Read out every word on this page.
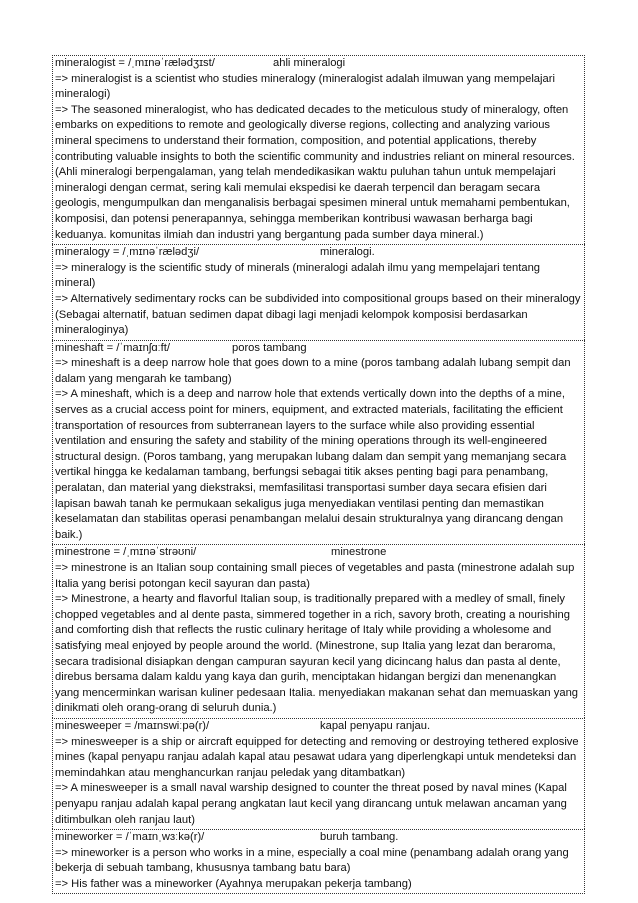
mineralogist = /ˌmɪnəˈrælədʒɪst/	ahli mineralogi

=> mineralogist is a scientist who studies mineralogy (mineralogist adalah ilmuwan yang mempelajari mineralogi)

=> The seasoned mineralogist, who has dedicated decades to the meticulous study of mineralogy, often embarks on expeditions to remote and geologically diverse regions, collecting and analyzing various mineral specimens to understand their formation, composition, and potential applications, thereby contributing valuable insights to both the scientific community and industries reliant on mineral resources. (Ahli mineralogi berpengalaman, yang telah mendedikasikan waktu puluhan tahun untuk mempelajari mineralogi dengan cermat, sering kali memulai ekspedisi ke daerah terpencil dan beragam secara geologis, mengumpulkan dan menganalisis berbagai spesimen mineral untuk memahami pembentukan, komposisi, dan potensi penerapannya, sehingga memberikan kontribusi wawasan berharga bagi keduanya. komunitas ilmiah dan industri yang bergantung pada sumber daya mineral.)

mineralogy = /ˌmɪnəˈrælədʒi/	mineralogi.

=> mineralogy is the scientific study of minerals (mineralogi adalah ilmu yang mempelajari tentang mineral)

=> Alternatively sedimentary rocks can be subdivided into compositional groups based on their mineralogy (Sebagai alternatif, batuan sedimen dapat dibagi lagi menjadi kelompok komposisi berdasarkan mineraloginya)

mineshaft = /ˈmaɪnʃɑːft/	poros tambang

=> mineshaft is a deep narrow hole that goes down to a mine (poros tambang adalah lubang sempit dan dalam yang mengarah ke tambang)

=> A mineshaft, which is a deep and narrow hole that extends vertically down into the depths of a mine, serves as a crucial access point for miners, equipment, and extracted materials, facilitating the efficient transportation of resources from subterranean layers to the surface while also providing essential ventilation and ensuring the safety and stability of the mining operations through its well-engineered structural design. (Poros tambang, yang merupakan lubang dalam dan sempit yang memanjang secara vertikal hingga ke kedalaman tambang, berfungsi sebagai titik akses penting bagi para penambang, peralatan, dan material yang diekstraksi, memfasilitasi transportasi sumber daya secara efisien dari lapisan bawah tanah ke permukaan sekaligus juga menyediakan ventilasi penting dan memastikan keselamatan dan stabilitas operasi penambangan melalui desain strukturalnya yang dirancang dengan baik.)

minestrone = /ˌmɪnəˈstrəʊni/	minestrone

=> minestrone is an Italian soup containing small pieces of vegetables and pasta (minestrone adalah sup Italia yang berisi potongan kecil sayuran dan pasta)

=> Minestrone, a hearty and flavorful Italian soup, is traditionally prepared with a medley of small, finely chopped vegetables and al dente pasta, simmered together in a rich, savory broth, creating a nourishing and comforting dish that reflects the rustic culinary heritage of Italy while providing a wholesome and satisfying meal enjoyed by people around the world. (Minestrone, sup Italia yang lezat dan beraroma, secara tradisional disiapkan dengan campuran sayuran kecil yang dicincang halus dan pasta al dente, direbus bersama dalam kaldu yang kaya dan gurih, menciptakan hidangan bergizi dan menenangkan yang mencerminkan warisan kuliner pedesaan Italia. menyediakan makanan sehat dan memuaskan yang dinikmati oleh orang-orang di seluruh dunia.)

minesweeper = /maɪnswiːpə(r)/	kapal penyapu ranjau.

=> minesweeper is a ship or aircraft equipped for detecting and removing or destroying tethered explosive mines (kapal penyapu ranjau adalah kapal atau pesawat udara yang diperlengkapi untuk mendeteksi dan memindahkan atau menghancurkan ranjau peledak yang ditambatkan)

=> A minesweeper is a small naval warship designed to counter the threat posed by naval mines (Kapal penyapu ranjau adalah kapal perang angkatan laut kecil yang dirancang untuk melawan ancaman yang ditimbulkan oleh ranjau laut)

mineworker = /ˈmaɪnˌwɜːkə(r)/	buruh tambang.

=> mineworker is a person who works in a mine, especially a coal mine (penambang adalah orang yang bekerja di sebuah tambang, khususnya tambang batu bara)

=> His father was a mineworker (Ayahnya merupakan pekerja tambang)
